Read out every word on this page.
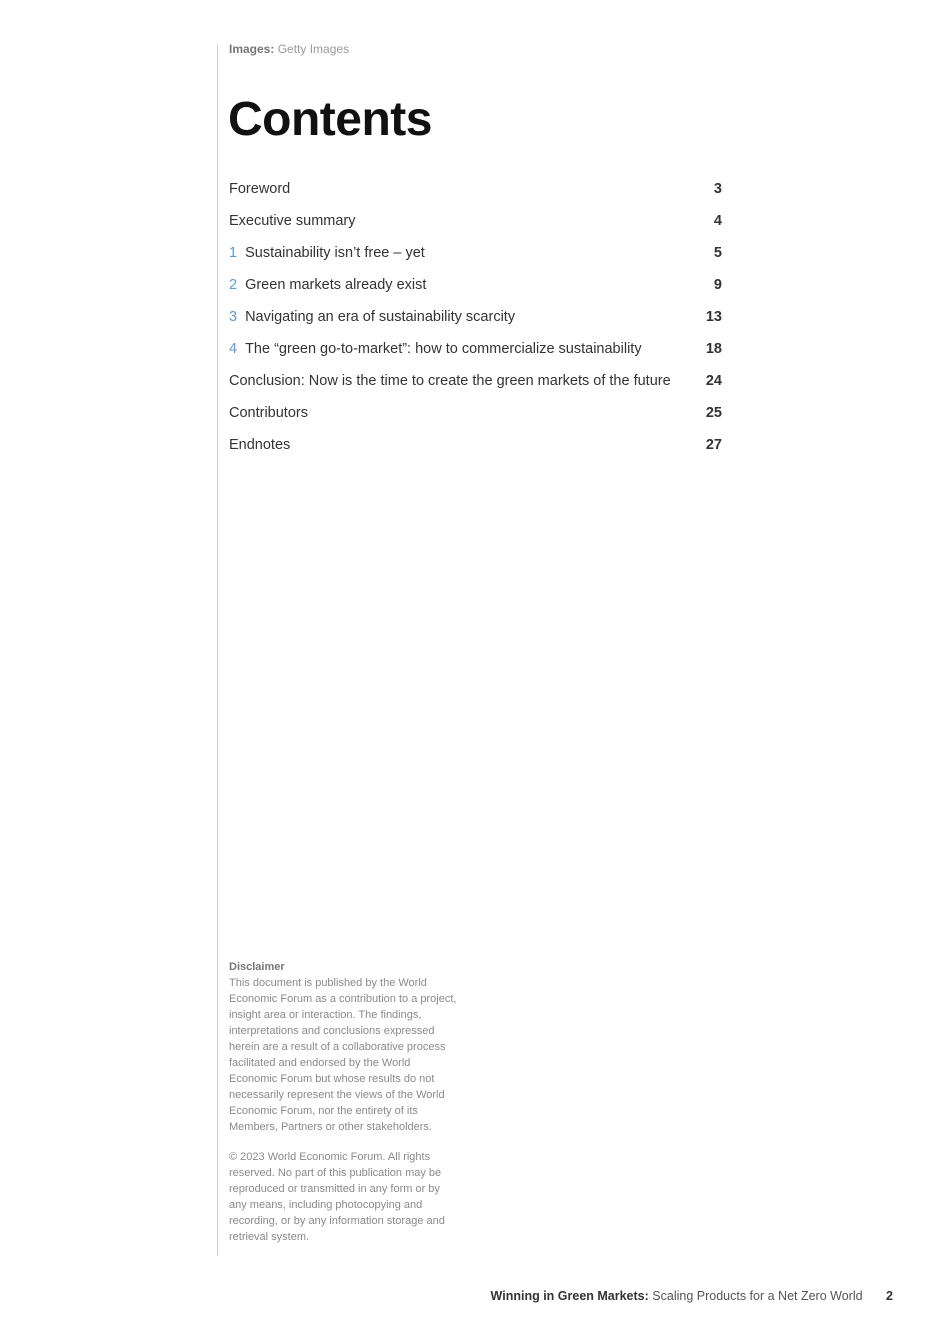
Images: Getty Images
Contents
Foreword	3
Executive summary	4
1 Sustainability isn’t free – yet	5
2 Green markets already exist	9
3 Navigating an era of sustainability scarcity	13
4 The “green go-to-market”: how to commercialize sustainability	18
Conclusion: Now is the time to create the green markets of the future	24
Contributors	25
Endnotes	27
Disclaimer

This document is published by the World Economic Forum as a contribution to a project, insight area or interaction. The findings, interpretations and conclusions expressed herein are a result of a collaborative process facilitated and endorsed by the World Economic Forum but whose results do not necessarily represent the views of the World Economic Forum, nor the entirety of its Members, Partners or other stakeholders.

© 2023 World Economic Forum. All rights reserved. No part of this publication may be reproduced or transmitted in any form or by any means, including photocopying and recording, or by any information storage and retrieval system.

Winning in Green Markets: Scaling Products for a Net Zero World 2
